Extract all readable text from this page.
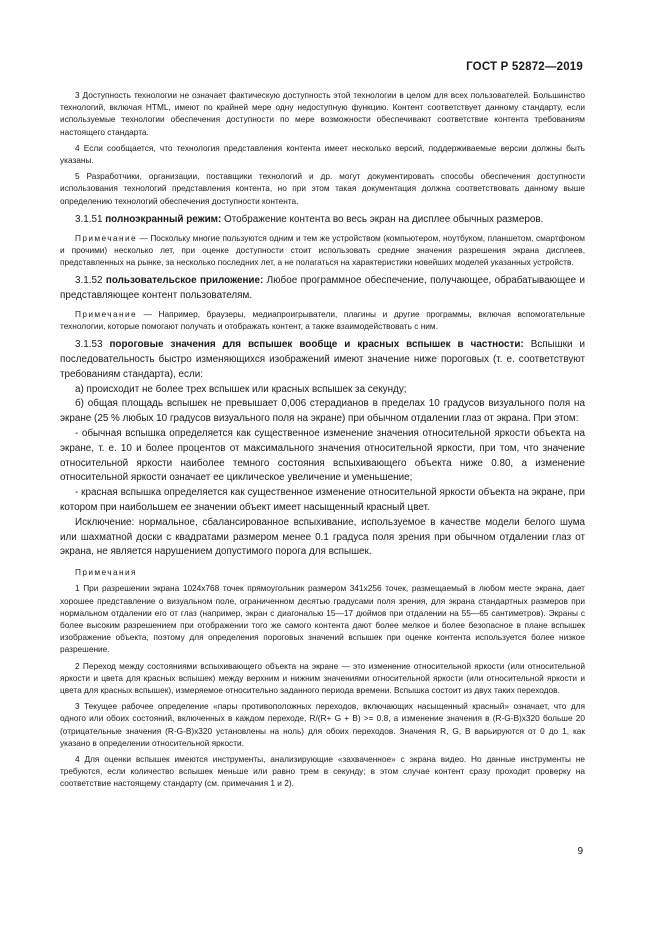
ГОСТ Р 52872—2019

3 Доступность технологии не означает фактическую доступность этой технологии в целом для всех пользователей. Большинство технологий, включая HTML, имеют по крайней мере одну недоступную функцию. Контент соответствует данному стандарту, если используемые технологии обеспечения доступности по мере возможности обеспечивают соответствие контента требованиям настоящего стандарта.

4 Если сообщается, что технология представления контента имеет несколько версий, поддерживаемые версии должны быть указаны.

5 Разработчики, организации, поставщики технологий и др. могут документировать способы обеспечения доступности использования технологий представления контента, но при этом такая документация должна соответствовать данному выше определению технологий обеспечения доступности контента.

3.1.51 полноэкранный режим: Отображение контента во весь экран на дисплее обычных размеров.

Примечание — Поскольку многие пользуются одним и тем же устройством (компьютером, ноутбуком, планшетом, смартфоном и прочими) несколько лет, при оценке доступности стоит использовать средние значения разрешения экрана дисплеев, представленных на рынке, за несколько последних лет, а не полагаться на характеристики новейших моделей указанных устройств.

3.1.52 пользовательское приложение: Любое программное обеспечение, получающее, обрабатывающее и представляющее контент пользователям.

Примечание — Например, браузеры, медиапроигрыватели, плагины и другие программы, включая вспомогательные технологии, которые помогают получать и отображать контент, а также взаимодействовать с ним.

3.1.53 пороговые значения для вспышек вообще и красных вспышек в частности: Вспышки и последовательность быстро изменяющихся изображений имеют значение ниже пороговых (т. е. соответствуют требованиям стандарта), если:

а) происходит не более трех вспышек или красных вспышек за секунду;

б) общая площадь вспышек не превышает 0,006 стерадианов в пределах 10 градусов визуального поля на экране (25 % любых 10 градусов визуального поля на экране) при обычном отдалении глаз от экрана. При этом:

- обычная вспышка определяется как существенное изменение значения относительной яркости объекта на экране, т. е. 10 и более процентов от максимального значения относительной яркости, при том, что значение относительной яркости наиболее темного состояния вспыхивающего объекта ниже 0.80, а изменение относительной яркости означает ее циклическое увеличение и уменьшение;

- красная вспышка определяется как существенное изменение относительной яркости объекта на экране, при котором при наибольшем ее значении объект имеет насыщенный красный цвет.

Исключение: нормальное, сбалансированное вспыхивание, используемое в качестве модели белого шума или шахматной доски с квадратами размером менее 0.1 градуса поля зрения при обычном отдалении глаз от экрана, не является нарушением допустимого порога для вспышек.

Примечания

1 При разрешении экрана 1024x768 точек прямоугольник размером 341x256 точек, размещаемый в любом месте экрана, дает хорошее представление о визуальном поле, ограниченном десятью градусами поля зрения, для экрана стандартных размеров при нормальном отдалении его от глаз (например, экран с диагональю 15—17 дюймов при отдалении на 55—65 сантиметров). Экраны с более высоким разрешением при отображении того же самого контента дают более мелкое и более безопасное в плане вспышек изображение объекта, поэтому для определения пороговых значений вспышек при оценке контента используется более низкое разрешение.

2 Переход между состояниями вспыхивающего объекта на экране — это изменение относительной яркости (или относительной яркости и цвета для красных вспышек) между верхним и нижним значениями относительной яркости (или относительной яркости и цвета для красных вспышек), измеряемое относительно заданного периода времени. Вспышка состоит из двух таких переходов.

3 Текущее рабочее определение «пары противоположных переходов, включающих насыщенный красный» означает, что для одного или обоих состояний, включенных в каждом переходе, R/(R+ G + B) >= 0.8, а изменение значения в (R-G-B)x320 больше 20 (отрицательные значения (R-G-B)x320 установлены на ноль) для обоих переходов. Значения R, G, В варьируются от 0 до 1, как указано в определении относительной яркости.

4 Для оценки вспышек имеются инструменты, анализирующие «захваченное» с экрана видео. Но данные инструменты не требуются, если количество вспышек меньше или равно трем в секунду; в этом случае контент сразу проходит проверку на соответствие настоящему стандарту (см. примечания 1 и 2).

9
